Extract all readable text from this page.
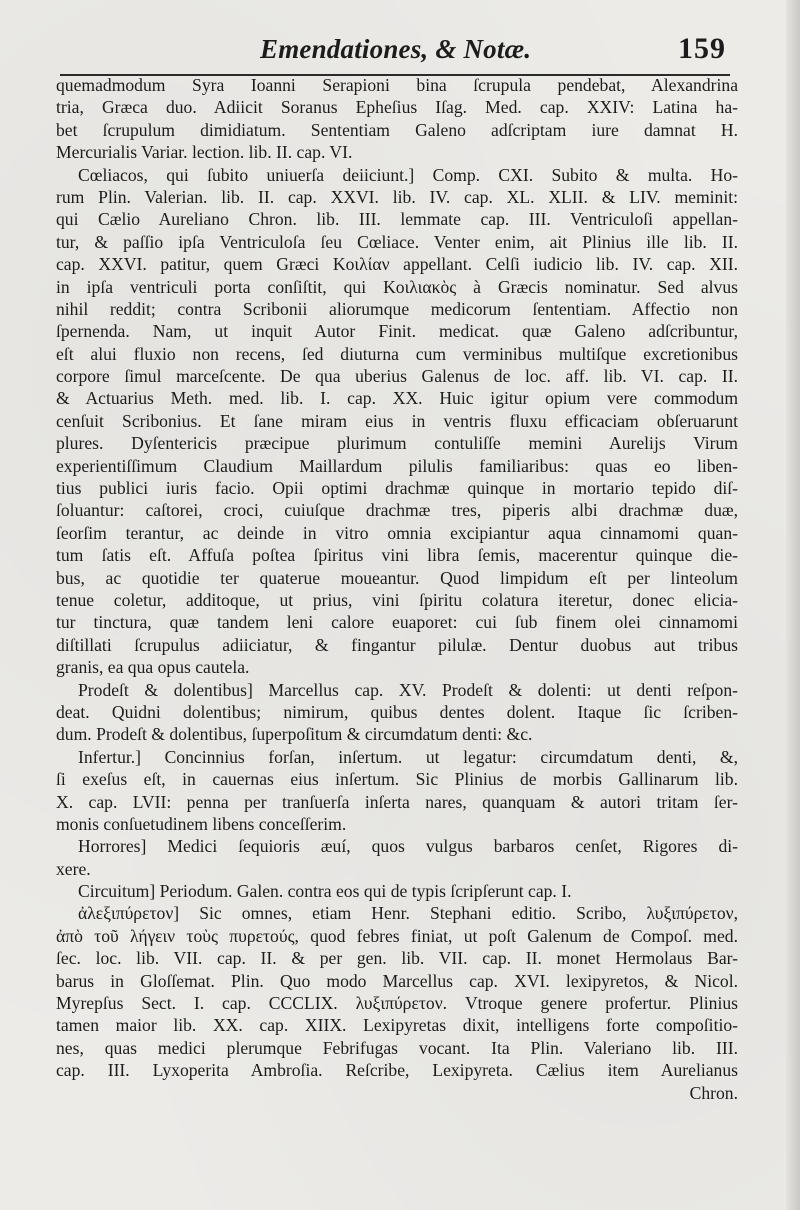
Emendationes, & Notæ.	159
quemadmodum Syra Ioanni Serapioni bina ſcrupula pendebat, Alexandrina
tria, Græca duo. Adiicit Soranus Epheſius Iſag. Med. cap. XXIV: Latina ha-
bet ſcrupulum dimidiatum. Sententiam Galeno adſcriptam iure damnat H.
Mercurialis Variar. lection. lib. II. cap. VI.
Cœliacos, qui ſubito uniuerſa deiiciunt.] Comp. CXI. Subito & multa. Ho-
rum Plin. Valerian. lib. II. cap. XXVI. lib. IV. cap. XL. XLII. & LIV. meminit:
qui Cælio Aureliano Chron. lib. III. lemmate cap. III. Ventriculoſi appellan-
tur, & paſſio ipſa Ventriculoſa ſeu Cœliace. Venter enim, ait Plinius ille lib. II.
cap. XXVI. patitur, quem Græci Κοιλίαν appellant. Celſi iudicio lib. IV. cap. XII.
in ipſa ventriculi porta conſiſtit, qui Κοιλιακὸς à Græcis nominatur. Sed alvus
nihil reddit; contra Scribonii aliorumque medicorum ſententiam. Affectio non
ſpernenda. Nam, ut inquit Autor Finit. medicat. quæ Galeno adſcribuntur,
eſt alui fluxio non recens, ſed diuturna cum verminibus multiſque excretionibus
corpore ſimul marceſcente. De qua uberius Galenus de loc. aff. lib. VI. cap. II.
& Actuarius Meth. med. lib. I. cap. XX. Huic igitur opium vere commodum
cenſuit Scribonius. Et ſane miram eius in ventris fluxu efficaciam obſeruarunt
plures. Dyſentericis præcipue plurimum contuliſſe memini Aurelijs Virum
experientiſſimum Claudium Maillardum pilulis familiaribus: quas eo liben-
tius publici iuris facio. Opii optimi drachmæ quinque in mortario tepido diſ-
ſoluantur: caſtorei, croci, cuiuſque drachmæ tres, piperis albi drachmæ duæ,
ſeorſim terantur, ac deinde in vitro omnia excipiantur aqua cinnamomi quan-
tum ſatis eſt. Affuſa poſtea ſpiritus vini libra ſemis, macerentur quinque die-
bus, ac quotidie ter quaterue moueantur. Quod limpidum eſt per linteolum
tenue coletur, additoque, ut prius, vini ſpiritu colatura iteretur, donec elicia-
tur tinctura, quæ tandem leni calore euaporet: cui ſub finem olei cinnamomi
diſtillati ſcrupulus adiiciatur, & fingantur pilulæ. Dentur duobus aut tribus
granis, ea qua opus cautela.
Prodeſt & dolentibus] Marcellus cap. XV. Prodeſt & dolenti: ut denti reſpon-
deat. Quidni dolentibus; nimirum, quibus dentes dolent. Itaque ſic ſcriben-
dum. Prodeſt & dolentibus, ſuperpoſitum & circumdatum denti: &c.
Infertur.] Concinnius forſan, inſertum. ut legatur: circumdatum denti, &,
ſi exeſus eſt, in cauernas eius inſertum. Sic Plinius de morbis Gallinarum lib.
X. cap. LVII: penna per tranſuerſa inſerta nares, quanquam & autori tritam ſer-
monis conſuetudinem libens conceſſerim.
Horrores] Medici ſequioris æuí, quos vulgus barbaros cenſet, Rigores di-
xere.
Circuitum] Periodum. Galen. contra eos qui de typis ſcripſerunt cap. I.
ἀλεξιπύρετον] Sic omnes, etiam Henr. Stephani editio. Scribo, λυξιπύρετον,
ἀπὸ τοῦ λήγειν τοὺς πυρετούς, quod febres finiat, ut poſt Galenum de Compoſ. med.
ſec. loc. lib. VII. cap. II. & per gen. lib. VII. cap. II. monet Hermolaus Bar-
barus in Gloſſemat. Plin. Quo modo Marcellus cap. XVI. lexipyretos, & Nicol.
Myrepſus Sect. I. cap. CCCLIX. λυξιπύρετον. Vtroque genere profertur. Plinius
tamen maior lib. XX. cap. XIIX. Lexipyretas dixit, intelligens forte compoſitio-
nes, quas medici plerumque Febrifugas vocant. Ita Plin. Valeriano lib. III.
cap. III. Lyxoperita Ambroſia. Reſcribe, Lexipyreta. Cælius item Aurelianus
Chron.
